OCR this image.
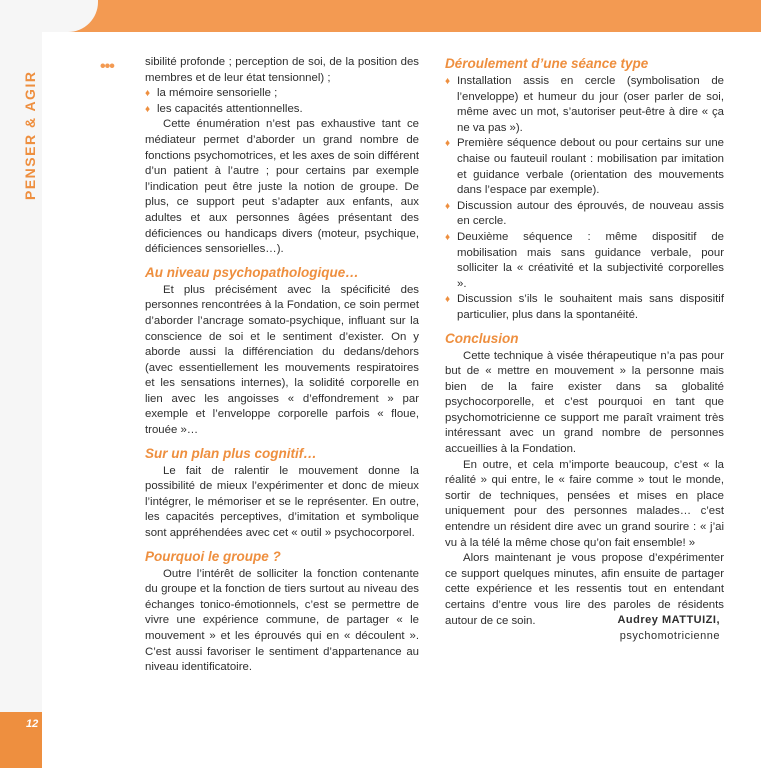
PENSER & AGIR
12
•••	sibilité profonde ; perception de soi, de la position des membres et de leur état tensionnel) ;

♦ la mémoire sensorielle ;
♦ les capacités attentionnelles.

Cette énumération n’est pas exhaustive tant ce médiateur permet d’aborder un grand nombre de fonctions psychomotrices, et les axes de soin différent d’un patient à l’autre ; pour certains par exemple l’indication peut être juste la notion de groupe. De plus, ce support peut s’adapter aux enfants, aux adultes et aux personnes âgées présentant des déficiences ou handicaps divers (moteur, psychique, déficiences sensorielles…).

Au niveau psychopathologique…

Et plus précisément avec la spécificité des personnes rencontrées à la Fondation, ce soin permet d’aborder l’ancrage somato-psychique, influant sur la conscience de soi et le sentiment d’exister. On y aborde aussi la différenciation du dedans/dehors (avec essentiellement les mouvements respiratoires et les sensations internes), la solidité corporelle en lien avec les angoisses « d’effondrement » par exemple et l’enveloppe corporelle parfois « floue, trouée »…

Sur un plan plus cognitif…

Le fait de ralentir le mouvement donne la possibilité de mieux l’expérimenter et donc de mieux l’intégrer, le mémoriser et se le représenter. En outre, les capacités perceptives, d’imitation et symbolique sont appréhendées avec cet « outil » psychocorporel.

Pourquoi le groupe ?

Outre l’intérêt de solliciter la fonction contenante du groupe et la fonction de tiers surtout au niveau des échanges tonico-émotionnels, c’est se permettre de vivre une expérience commune, de partager « le mouvement » et les éprouvés qui en « découlent ». C’est aussi favoriser le sentiment d’appartenance au niveau identificatoire.

Déroulement d’une séance type
♦ Installation assis en cercle (symbolisation de l’enveloppe) et humeur du jour (oser parler de soi, même avec un mot, s’autoriser peut-être à dire « ça ne va pas »).
♦ Première séquence debout ou pour certains sur une chaise ou fauteuil roulant : mobilisation par imitation et guidance verbale (orientation des mouvements dans l’espace par exemple).
♦ Discussion autour des éprouvés, de nouveau assis en cercle.
♦ Deuxième séquence : même dispositif de mobilisation mais sans guidance verbale, pour solliciter la « créativité et la subjectivité corporelles ».
♦ Discussion s’ils le souhaitent mais sans dispositif particulier, plus dans la spontanéité.
Conclusion

Cette technique à visée thérapeutique n’a pas pour but de « mettre en mouvement » la personne mais bien de la faire exister dans sa globalité psychocorporelle, et c’est pourquoi en tant que psychomotricienne ce support me paraît vraiment très intéressant avec un grand nombre de personnes accueillies à la Fondation.

En outre, et cela m’importe beaucoup, c’est « la réalité » qui entre, le « faire comme » tout le monde, sortir de techniques, pensées et mises en place uniquement pour des personnes malades… c’est entendre un résident dire avec un grand sourire : « j’ai vu à la télé la même chose qu’on fait ensemble! »

Alors maintenant je vous propose d’expérimenter ce support quelques minutes, afin ensuite de partager cette expérience et les ressentis tout en entendant certains d’entre vous lire des paroles de résidents autour de ce soin.	Audrey MATTUIZI,
psychomotricienne
